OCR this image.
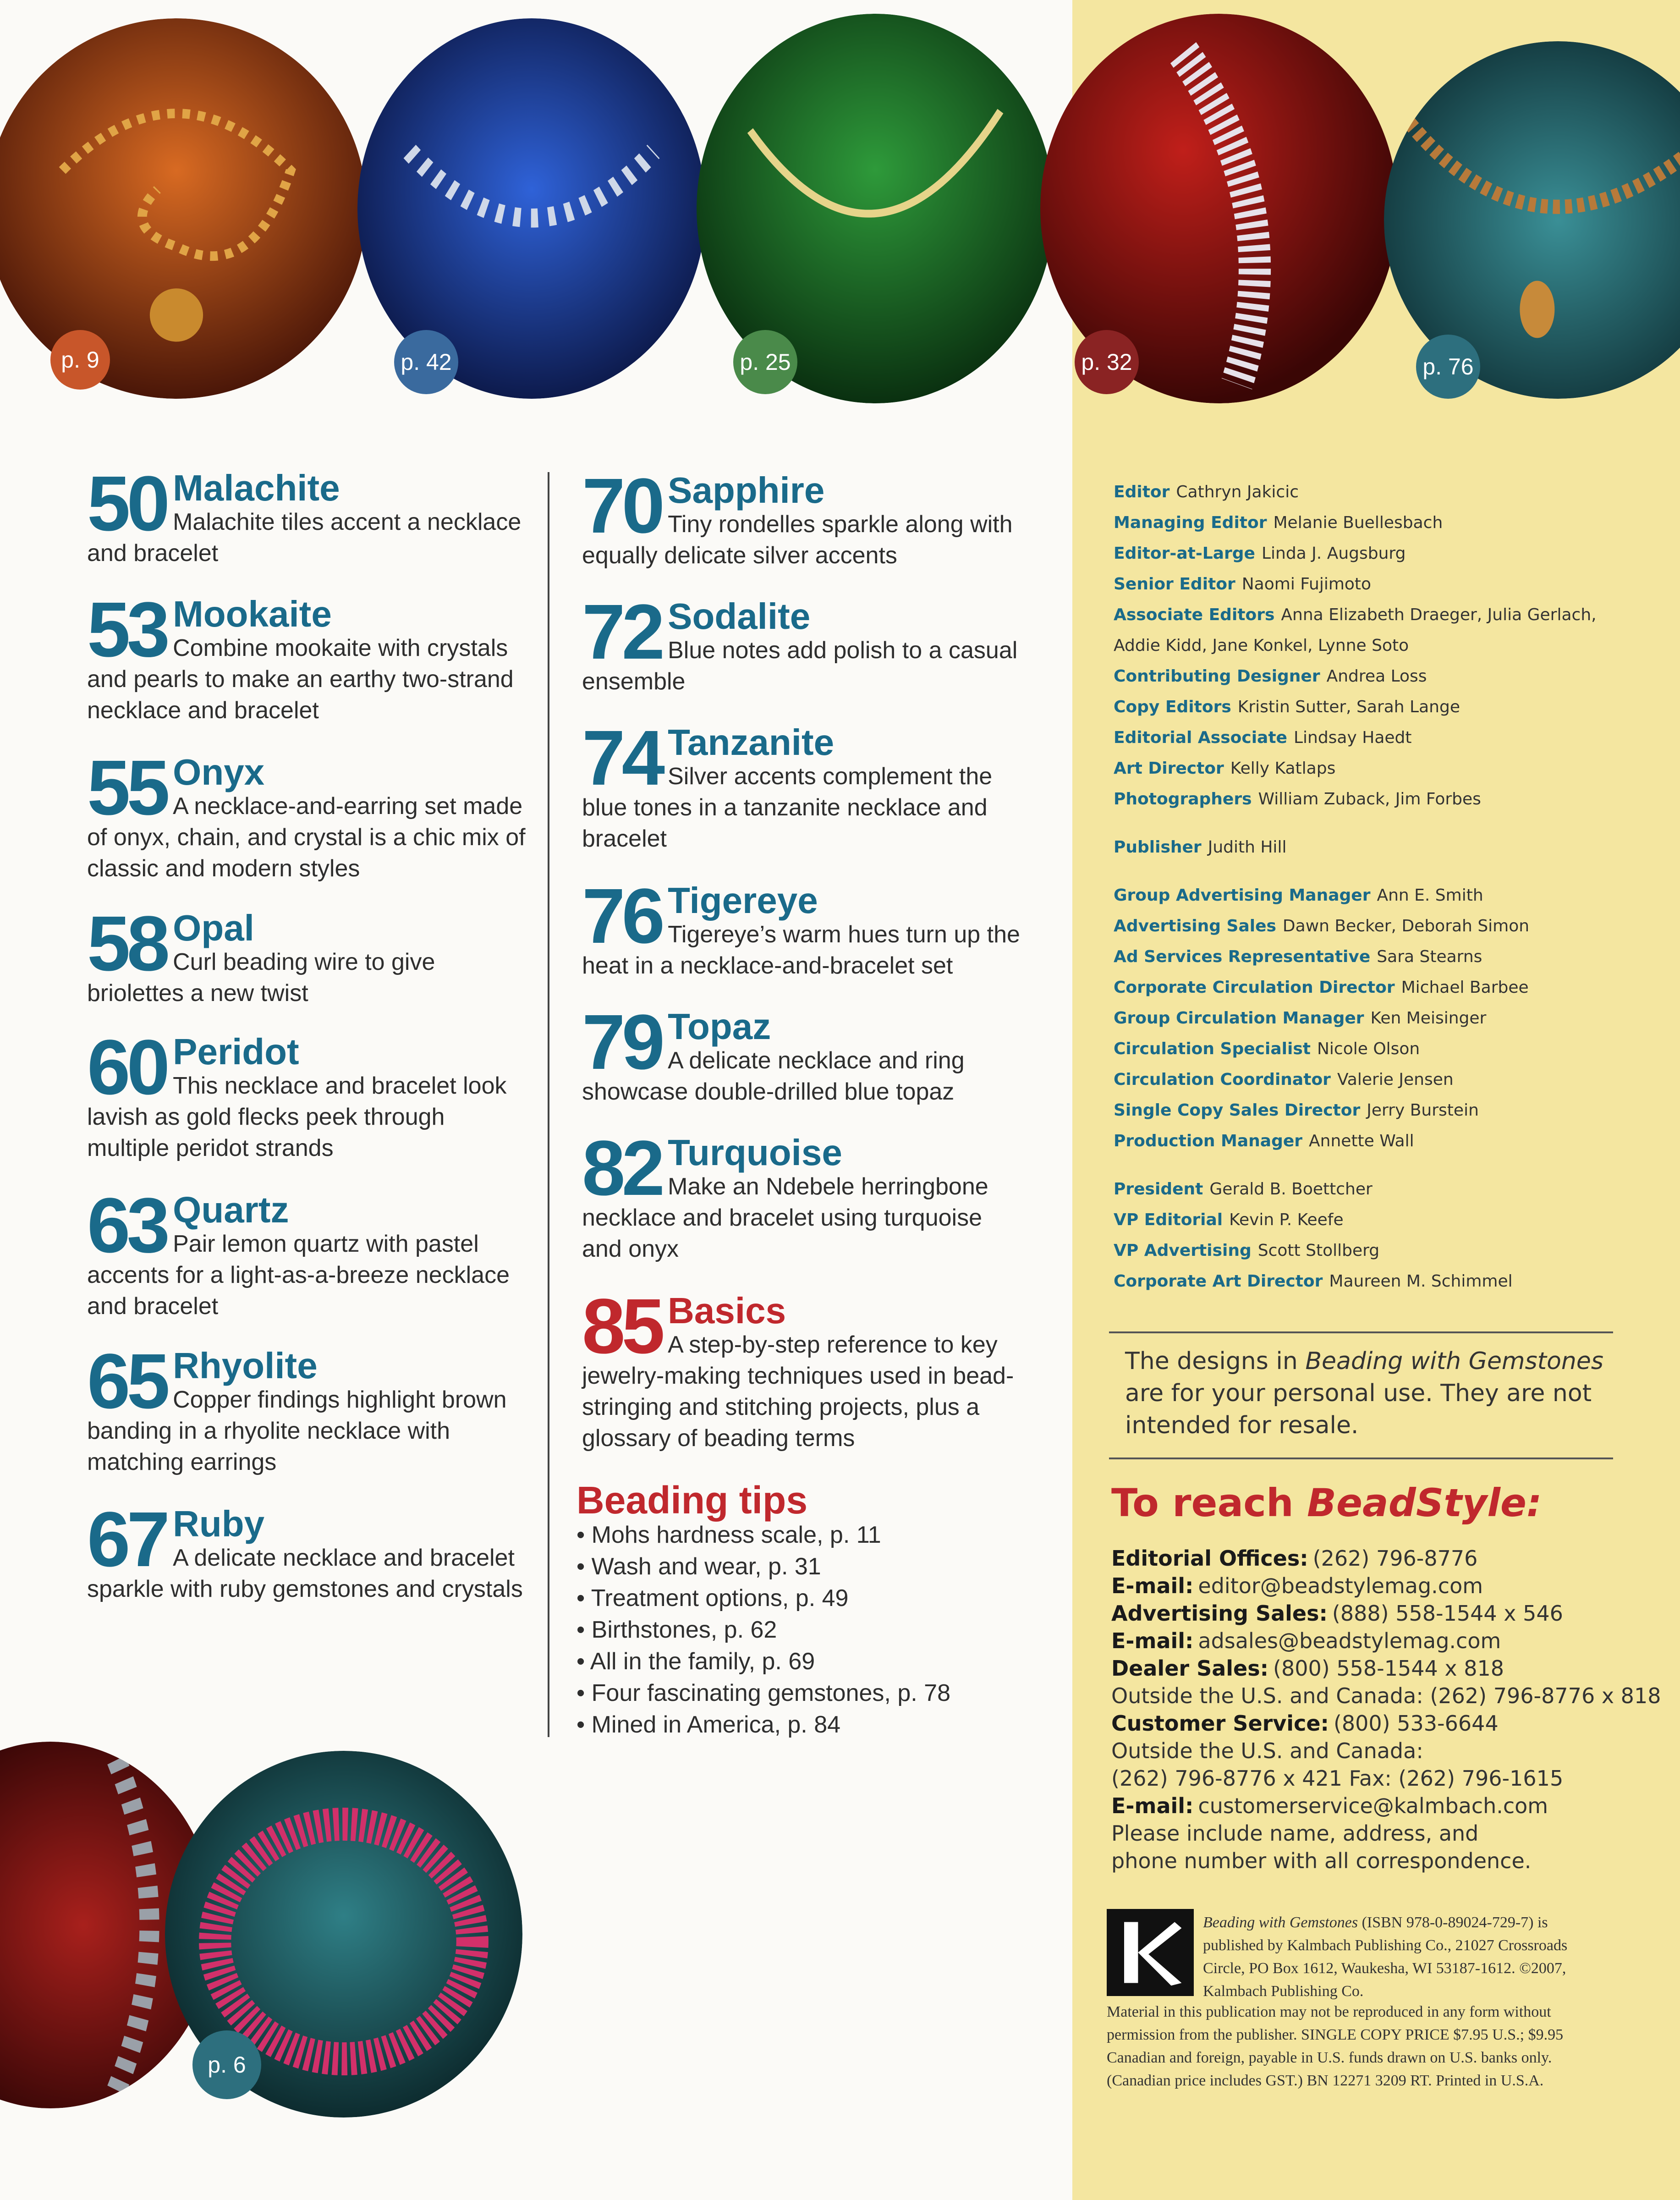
p. 9	p. 42	p. 25	p. 32	p. 76
p. 6
50 Malachite
Malachite tiles accent a necklace and bracelet
53 Mookaite
Combine mookaite with crystals and pearls to make an earthy two-strand necklace and bracelet
55 Onyx
A necklace-and-earring set made of onyx, chain, and crystal is a chic mix of classic and modern styles
58 Opal
Curl beading wire to give briolettes a new twist
60 Peridot
This necklace and bracelet look lavish as gold flecks peek through multiple peridot strands
63 Quartz
Pair lemon quartz with pastel accents for a light-as-a-breeze necklace and bracelet
65 Rhyolite
Copper findings highlight brown banding in a rhyolite necklace with matching earrings
67 Ruby
A delicate necklace and bracelet sparkle with ruby gemstones and crystals
70 Sapphire
Tiny rondelles sparkle along with equally delicate silver accents
72 Sodalite
Blue notes add polish to a casual ensemble
74 Tanzanite
Silver accents complement the blue tones in a tanzanite necklace and bracelet
76 Tigereye
Tigereye’s warm hues turn up the heat in a necklace-and-bracelet set
79 Topaz
A delicate necklace and ring showcase double-drilled blue topaz
82 Turquoise
Make an Ndebele herringbone necklace and bracelet using turquoise and onyx
85 Basics
A step-by-step reference to key jewelry-making techniques used in bead-stringing and stitching projects, plus a glossary of beading terms
Beading tips
• Mohs hardness scale, p. 11
• Wash and wear, p. 31
• Treatment options, p. 49
• Birthstones, p. 62
• All in the family, p. 69
• Four fascinating gemstones, p. 78
• Mined in America, p. 84
Editor Cathryn Jakicic
Managing Editor Melanie Buellesbach
Editor-at-Large Linda J. Augsburg
Senior Editor Naomi Fujimoto
Associate Editors Anna Elizabeth Draeger, Julia Gerlach, Addie Kidd, Jane Konkel, Lynne Soto
Contributing Designer Andrea Loss
Copy Editors Kristin Sutter, Sarah Lange
Editorial Associate Lindsay Haedt
Art Director Kelly Katlaps
Photographers William Zuback, Jim Forbes
Publisher Judith Hill
Group Advertising Manager Ann E. Smith
Advertising Sales Dawn Becker, Deborah Simon
Ad Services Representative Sara Stearns
Corporate Circulation Director Michael Barbee
Group Circulation Manager Ken Meisinger
Circulation Specialist Nicole Olson
Circulation Coordinator Valerie Jensen
Single Copy Sales Director Jerry Burstein
Production Manager Annette Wall
President Gerald B. Boettcher
VP Editorial Kevin P. Keefe
VP Advertising Scott Stollberg
Corporate Art Director Maureen M. Schimmel
The designs in Beading with Gemstones are for your personal use. They are not intended for resale.
To reach BeadStyle:
Editorial Offices: (262) 796-8776
E-mail: editor@beadstylemag.com
Advertising Sales: (888) 558-1544 x 546
E-mail: adsales@beadstylemag.com
Dealer Sales: (800) 558-1544 x 818
Outside the U.S. and Canada: (262) 796-8776 x 818
Customer Service: (800) 533-6644
Outside the U.S. and Canada:
(262) 796-8776 x 421 Fax: (262) 796-1615
E-mail: customerservice@kalmbach.com
Please include name, address, and phone number with all correspondence.
Beading with Gemstones (ISBN 978-0-89024-729-7) is published by Kalmbach Publishing Co., 21027 Crossroads Circle, PO Box 1612, Waukesha, WI 53187-1612. ©2007, Kalmbach Publishing Co.
Material in this publication may not be reproduced in any form without permission from the publisher. SINGLE COPY PRICE $7.95 U.S.; $9.95 Canadian and foreign, payable in U.S. funds drawn on U.S. banks only. (Canadian price includes GST.) BN 12271 3209 RT. Printed in U.S.A.
